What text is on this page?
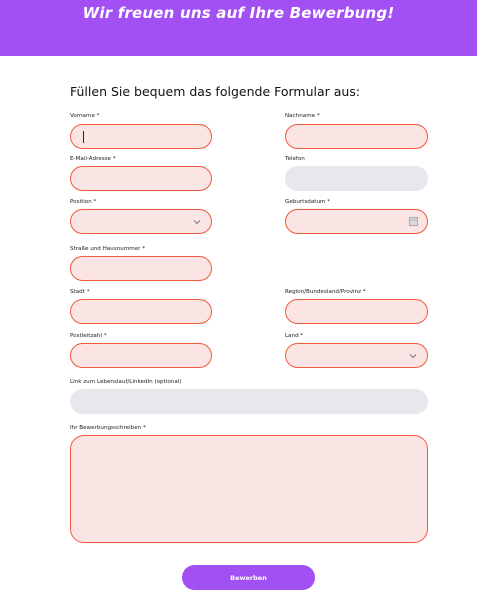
Wir freuen uns auf Ihre Bewerbung!
Füllen Sie bequem das folgende Formular aus:
Vorname *	Nachname *
E-Mail-Adresse *	Telefon
Position *	Geburtsdatum *
Straße und Hausnummer *
Stadt *	Region/Bundesland/Provinz *
Postleitzahl *	Land *
Link zum Lebenslauf/LinkedIn (optional)
Ihr Bewerbungsschreiben *
Bewerben
